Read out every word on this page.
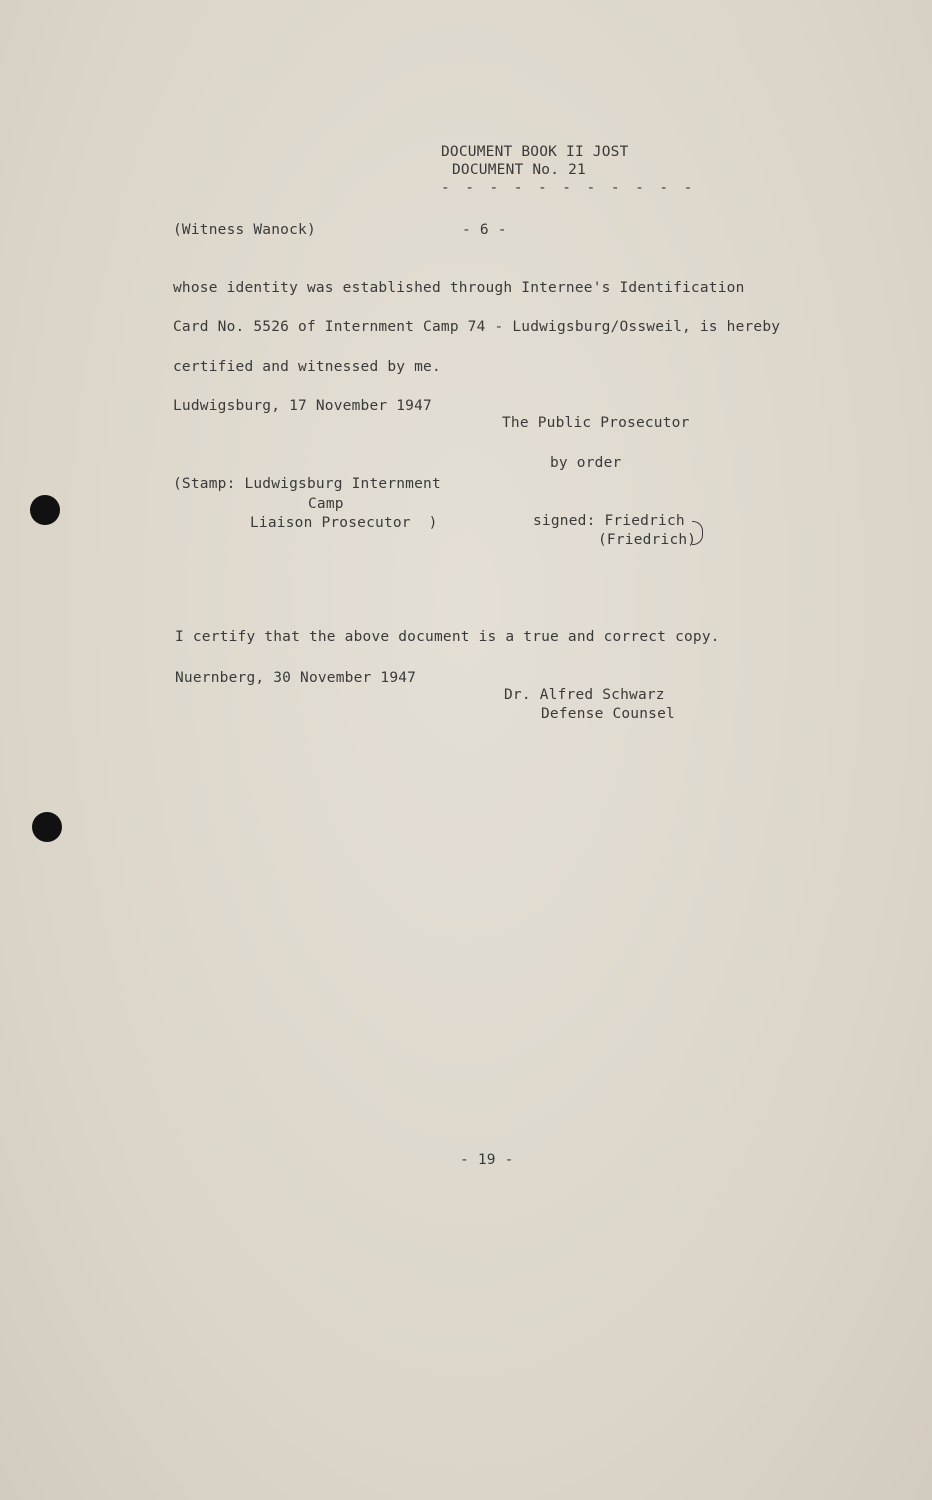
DOCUMENT BOOK II JOST
DOCUMENT No. 21
- - - - - - - - - - -
(Witness Wanock)	- 6 -
whose identity was established through Internee's Identification
Card No. 5526 of Internment Camp 74 - Ludwigsburg/Ossweil, is hereby
certified and witnessed by me.
Ludwigsburg, 17 November 1947
The Public Prosecutor
by order
(Stamp: Ludwigsburg Internment
Camp
Liaison Prosecutor  )	signed: Friedrich
(Friedrich)
I certify that the above document is a true and correct copy.
Nuernberg, 30 November 1947
Dr. Alfred Schwarz
Defense Counsel
- 19 -
